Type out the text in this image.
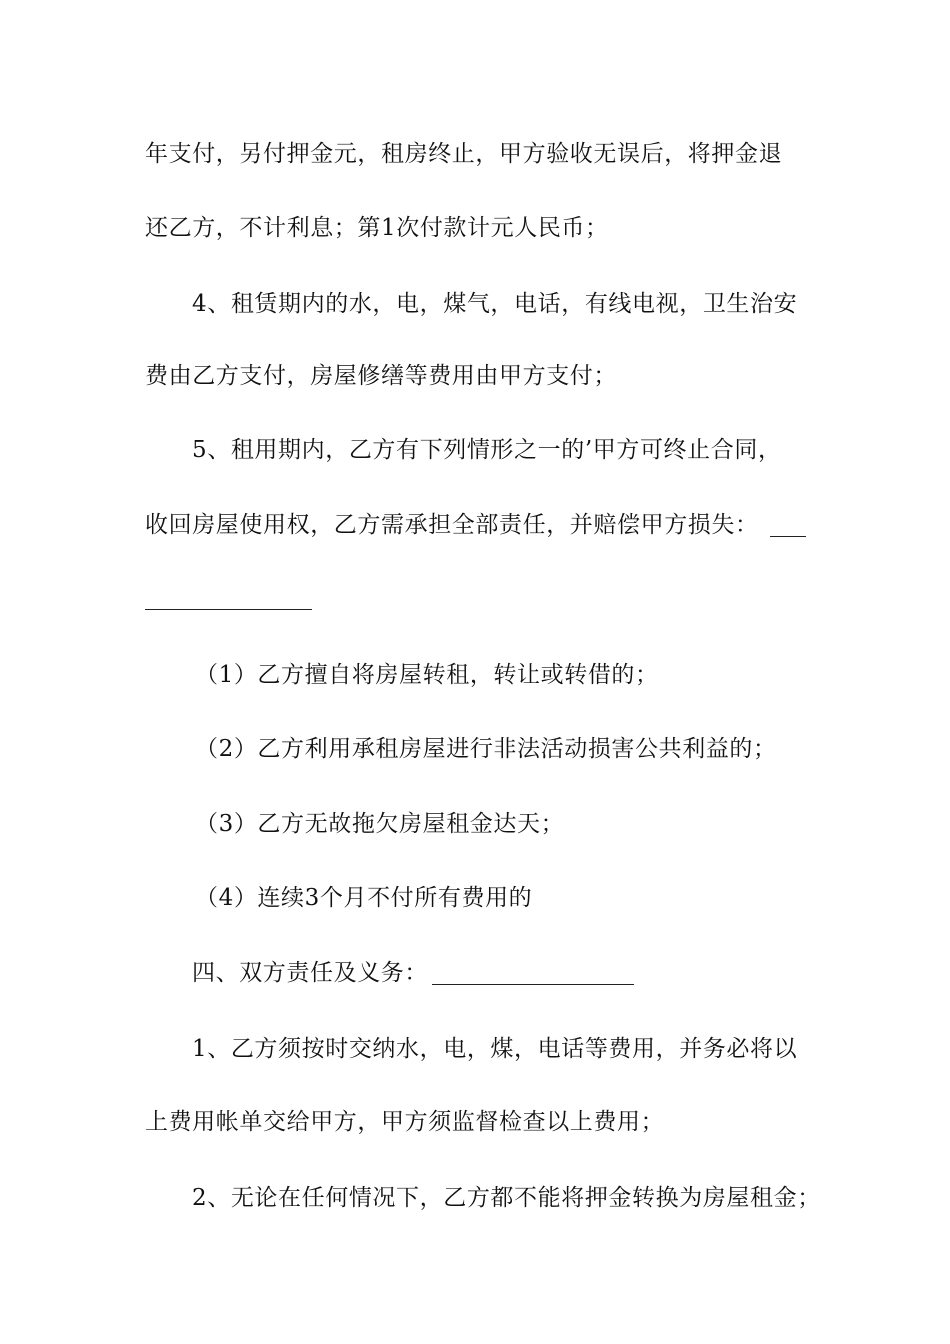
年支付，另付押金元，租房终止，甲方验收无误后，将押金退
还乙方，不计利息；第1次付款计元人民币；
4、租赁期内的水，电，煤气，电话，有线电视，卫生治安
费由乙方支付，房屋修缮等费用由甲方支付；
5、租用期内，乙方有下列情形之一的’甲方可终止合同，
收回房屋使用权，乙方需承担全部责任，并赔偿甲方损失：
（1）乙方擅自将房屋转租，转让或转借的；
（2）乙方利用承租房屋进行非法活动损害公共利益的；
（3）乙方无故拖欠房屋租金达天；
（4）连续3个月不付所有费用的
四、双方责任及义务：
1、乙方须按时交纳水，电，煤，电话等费用，并务必将以
上费用帐单交给甲方，甲方须监督检查以上费用；
2、无论在任何情况下，乙方都不能将押金转换为房屋租金；
